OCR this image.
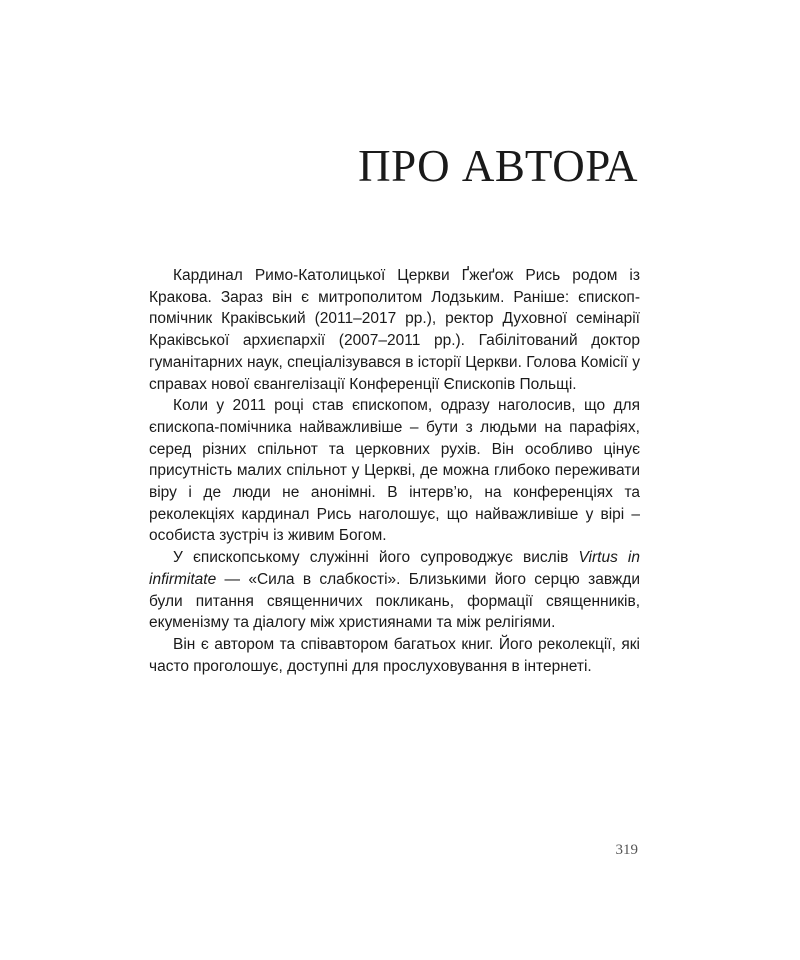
ПРО АВТОРА

Кардинал Римо-Католицької Церкви Ґжеґож Рись родом із Кракова. Зараз він є митрополитом Лодзьким. Раніше: єпископ-помічник Краківський (2011–2017 рр.), ректор Духовної семінарії Краківської архиєпархії (2007–2011 рр.). Габілітований доктор гуманітарних наук, спеціалізувався в історії Церкви. Голова Комісії у справах нової євангелізації Конференції Єпископів Польщі.

Коли у 2011 році став єпископом, одразу наголосив, що для єпископа-помічника найважливіше – бути з людьми на парафіях, серед різних спільнот та церковних рухів. Він особливо цінує присутність малих спільнот у Церкві, де можна глибоко переживати віру і де люди не анонімні. В інтерв’ю, на конференціях та реколекціях кардинал Рись наголошує, що найважливіше у вірі – особиста зустріч із живим Богом.

У єпископському служінні його супроводжує вислів Virtus in infirmitate — «Сила в слабкості». Близькими його серцю завжди були питання священничих покликань, формації священників, екуменізму та діалогу між християнами та між релігіями.

Він є автором та співавтором багатьох книг. Його реколекції, які часто проголошує, доступні для прослуховування в інтернеті.

319
